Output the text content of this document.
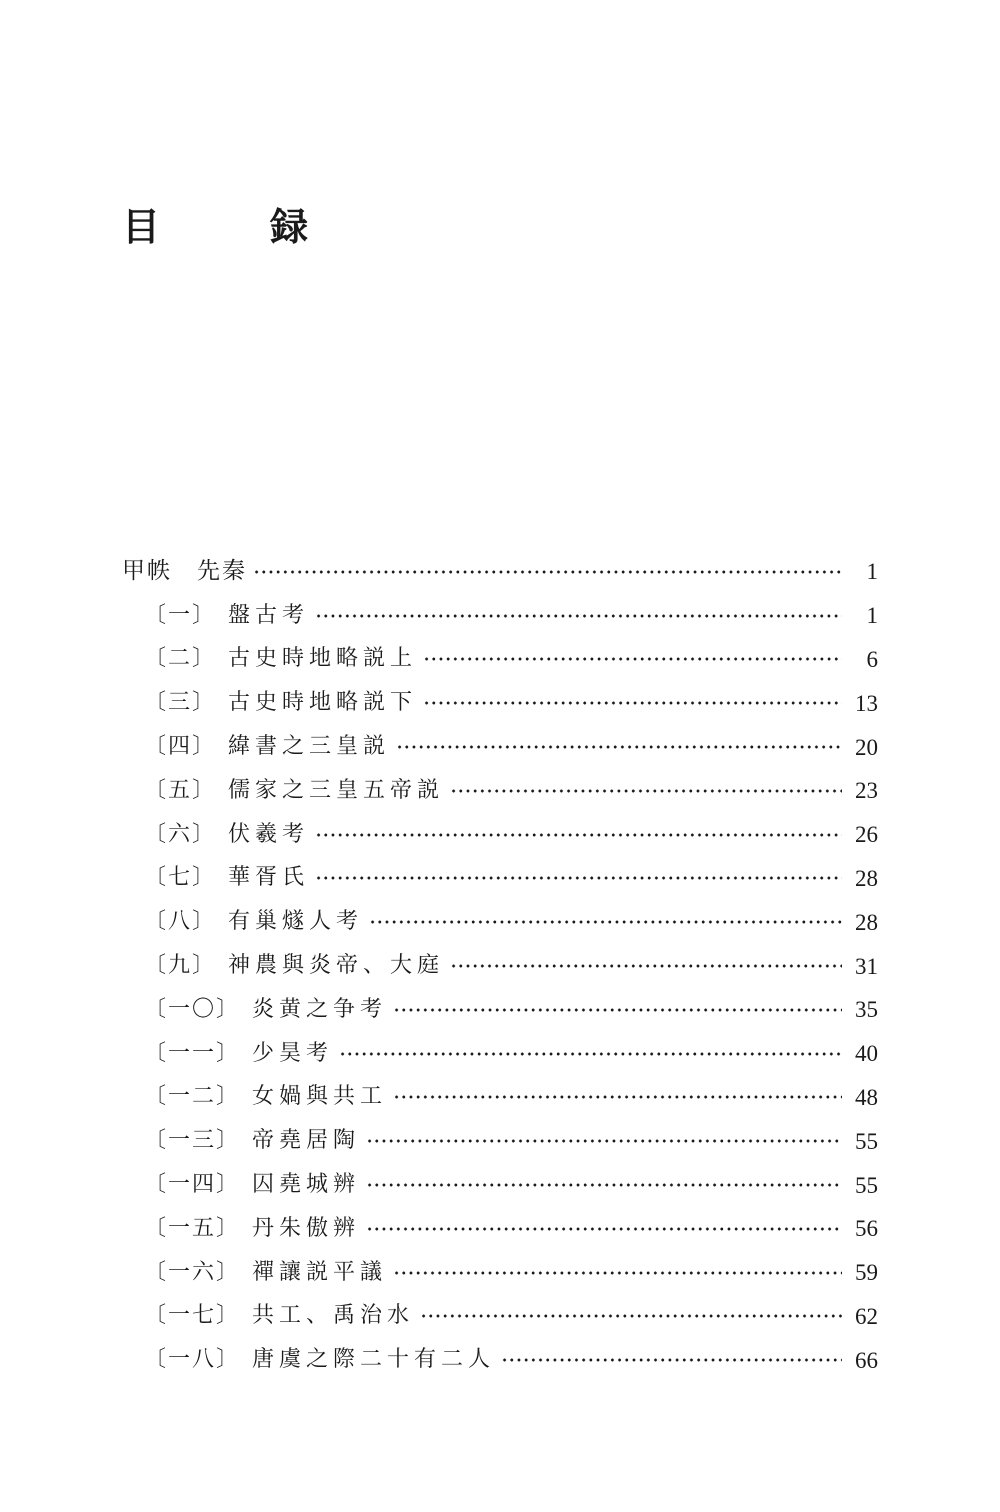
目　録
甲帙　先秦	1
〔一〕 盤古考	1
〔二〕 古史時地略説上	6
〔三〕 古史時地略説下	13
〔四〕 緯書之三皇説	20
〔五〕 儒家之三皇五帝説	23
〔六〕 伏羲考	26
〔七〕 華胥氏	28
〔八〕 有巢燧人考	28
〔九〕 神農與炎帝、大庭	31
〔一〇〕 炎黄之争考	35
〔一一〕 少昊考	40
〔一二〕 女媧與共工	48
〔一三〕 帝堯居陶	55
〔一四〕 囚堯城辨	55
〔一五〕 丹朱傲辨	56
〔一六〕 禪讓説平議	59
〔一七〕 共工、禹治水	62
〔一八〕 唐虞之際二十有二人	66
